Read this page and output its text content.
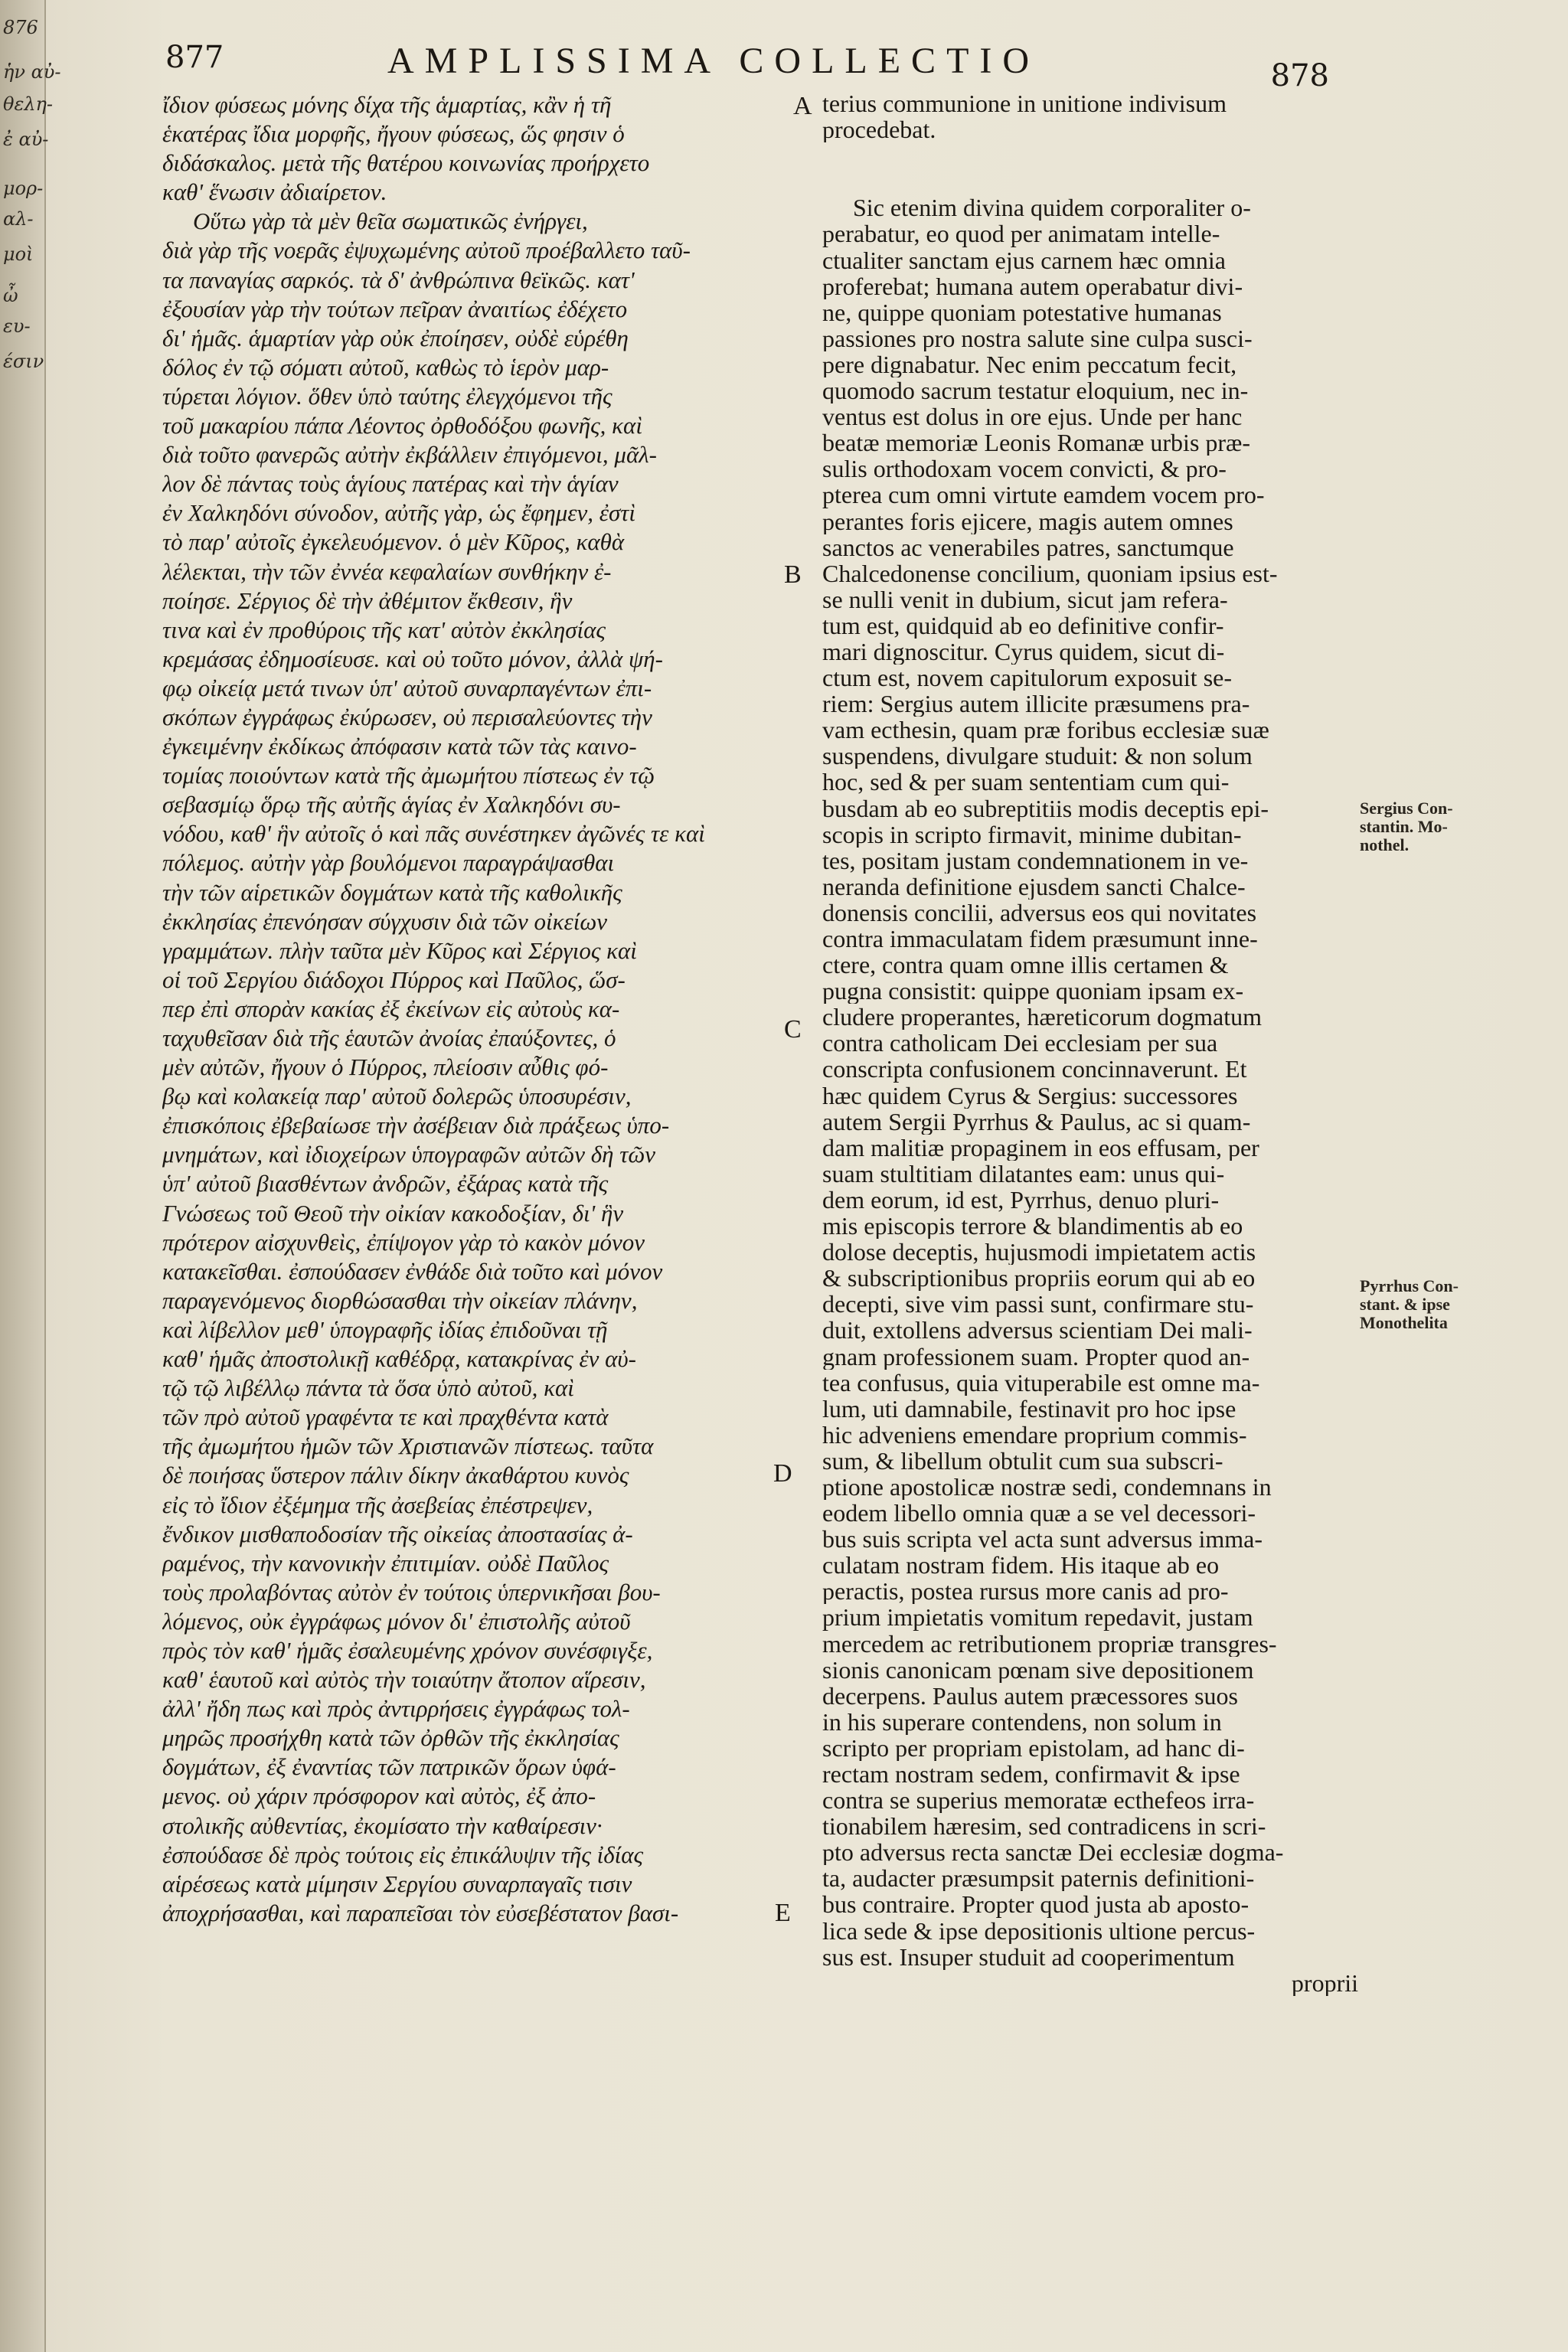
876
ἡν αὐ-
θελη-
ἐ αὐ-
μορ-
αλ-
μοὶ
ὦ
ευ-
έσιν
877	AMPLISSIMA COLLECTIO	878
ἴδιον φύσεως μόνης δίχα τῆς ἁμαρτίας, κἂν ἡ τῆ
ἑκατέρας ἴδια μορφῆς, ἤγουν φύσεως, ὥς φησιν ὁ
διδάσκαλος. μετὰ τῆς θατέρου κοινωνίας προήρχετο
καθ' ἕνωσιν ἀδιαίρετον.
Οὕτω γὰρ τὰ μὲν θεῖα σωματικῶς ἐνήργει,
διὰ γὰρ τῆς νοερᾶς ἐψυχωμένης αὐτοῦ προέβαλλετο ταῦ-
τα παναγίας σαρκός. τὰ δ' ἀνθρώπινα θεϊκῶς. κατ'
ἐξουσίαν γὰρ τὴν τούτων πεῖραν ἀναιτίως ἐδέχετο
δι' ἡμᾶς. ἁμαρτίαν γὰρ οὐκ ἐποίησεν, οὐδὲ εὑρέθη
δόλος ἐν τῷ σόματι αὐτοῦ, καθὼς τὸ ἱερὸν μαρ-
τύρεται λόγιον. ὅθεν ὑπὸ ταύτης ἐλεγχόμενοι τῆς
τοῦ μακαρίου πάπα Λέοντος ὀρθοδόξου φωνῆς, καὶ
διὰ τοῦτο φανερῶς αὐτὴν ἐκβάλλειν ἐπιγόμενοι, μᾶλ-
λον δὲ πάντας τοὺς ἁγίους πατέρας καὶ τὴν ἁγίαν
ἐν Χαλκηδόνι σύνοδον, αὐτῆς γὰρ, ὡς ἔφημεν, ἐστὶ
τὸ παρ' αὐτοῖς ἐγκελευόμενον. ὁ μὲν Κῦρος, καθὰ
λέλεκται, τὴν τῶν ἐννέα κεφαλαίων συνθήκην ἐ-
ποίησε. Σέργιος δὲ τὴν ἀθέμιτον ἔκθεσιν, ἣν
τινα καὶ ἐν προθύροις τῆς κατ' αὐτὸν ἐκκλησίας
κρεμάσας ἐδημοσίευσε. καὶ οὐ τοῦτο μόνον, ἀλλὰ ψή-
φῳ οἰκείᾳ μετά τινων ὑπ' αὐτοῦ συναρπαγέντων ἐπι-
σκόπων ἐγγράφως ἐκύρωσεν, οὐ περισαλεύοντες τὴν
ἐγκειμένην ἐκδίκως ἀπόφασιν κατὰ τῶν τὰς καινο-
τομίας ποιούντων κατὰ τῆς ἀμωμήτου πίστεως ἐν τῷ
σεβασμίῳ ὅρῳ τῆς αὐτῆς ἁγίας ἐν Χαλκηδόνι συ-
νόδου, καθ' ἣν αὐτοῖς ὁ καὶ πᾶς συνέστηκεν ἀγῶνές τε καὶ
πόλεμος. αὐτὴν γὰρ βουλόμενοι παραγράψασθαι
τὴν τῶν αἱρετικῶν δογμάτων κατὰ τῆς καθολικῆς
ἐκκλησίας ἐπενόησαν σύγχυσιν διὰ τῶν οἰκείων
γραμμάτων. πλὴν ταῦτα μὲν Κῦρος καὶ Σέργιος καὶ
οἱ τοῦ Σεργίου διάδοχοι Πύρρος καὶ Παῦλος, ὥσ-
περ ἐπὶ σπορὰν κακίας ἐξ ἐκείνων εἰς αὐτοὺς κα-
ταχυθεῖσαν διὰ τῆς ἑαυτῶν ἀνοίας ἐπαύξοντες, ὁ
μὲν αὐτῶν, ἤγουν ὁ Πύρρος, πλείοσιν αὖθις φό-
βῳ καὶ κολακείᾳ παρ' αὐτοῦ δολερῶς ὑποσυρέσιν,
ἐπισκόποις ἐβεβαίωσε τὴν ἀσέβειαν διὰ πράξεως ὑπο-
μνημάτων, καὶ ἰδιοχείρων ὑπογραφῶν αὐτῶν δὴ τῶν
ὑπ' αὐτοῦ βιασθέντων ἀνδρῶν, ἐξάρας κατὰ τῆς
Γνώσεως τοῦ Θεοῦ τὴν οἰκίαν κακοδοξίαν, δι' ἣν
πρότερον αἰσχυνθεὶς, ἐπίψογον γὰρ τὸ κακὸν μόνον
κατακεῖσθαι. ἐσπούδασεν ἐνθάδε διὰ τοῦτο καὶ μόνον
παραγενόμενος διορθώσασθαι τὴν οἰκείαν πλάνην,
καὶ λίβελλον μεθ' ὑπογραφῆς ἰδίας ἐπιδοῦναι τῇ
καθ' ἡμᾶς ἀποστολικῇ καθέδρᾳ, κατακρίνας ἐν αὐ-
τῷ τῷ λιβέλλῳ πάντα τὰ ὅσα ὑπὸ αὐτοῦ, καὶ
τῶν πρὸ αὐτοῦ γραφέντα τε καὶ πραχθέντα κατὰ
τῆς ἀμωμήτου ἡμῶν τῶν Χριστιανῶν πίστεως. ταῦτα
δὲ ποιήσας ὕστερον πάλιν δίκην ἀκαθάρτου κυνὸς
εἰς τὸ ἴδιον ἐξέμημα τῆς ἀσεβείας ἐπέστρεψεν,
ἔνδικον μισθαποδοσίαν τῆς οἰκείας ἀποστασίας ἀ-
ραμένος, τὴν κανονικὴν ἐπιτιμίαν. οὐδὲ Παῦλος
τοὺς προλαβόντας αὐτὸν ἐν τούτοις ὑπερνικῆσαι βου-
λόμενος, οὐκ ἐγγράφως μόνον δι' ἐπιστολῆς αὐτοῦ
πρὸς τὸν καθ' ἡμᾶς ἐσαλευμένης χρόνον συνέσφιγξε,
καθ' ἑαυτοῦ καὶ αὐτὸς τὴν τοιαύτην ἄτοπον αἵρεσιν,
ἀλλ' ἤδη πως καὶ πρὸς ἀντιρρήσεις ἐγγράφως τολ-
μηρῶς προσήχθη κατὰ τῶν ὀρθῶν τῆς ἐκκλησίας
δογμάτων, ἐξ ἐναντίας τῶν πατρικῶν ὅρων ὑφά-
μενος. οὐ χάριν πρόσφορον καὶ αὐτὸς, ἐξ ἀπο-
στολικῆς αὐθεντίας, ἐκομίσατο τὴν καθαίρεσιν·
ἐσπούδασε δὲ πρὸς τούτοις εἰς ἐπικάλυψιν τῆς ἰδίας
αἱρέσεως κατὰ μίμησιν Σεργίου συναρπαγαῖς τισιν
ἀποχρήσασθαι, καὶ παραπεῖσαι τὸν εὐσεβέστατον βασι-
terius communione in unitione indivisum
procedebat.
Sic etenim divina quidem corporaliter o-
perabatur, eo quod per animatam intelle-
ctualiter sanctam ejus carnem hæc omnia
proferebat; humana autem operabatur divi-
ne, quippe quoniam potestative humanas
passiones pro nostra salute sine culpa susci-
pere dignabatur. Nec enim peccatum fecit,
quomodo sacrum testatur eloquium, nec in-
ventus est dolus in ore ejus. Unde per hanc
beatæ memoriæ Leonis Romanæ urbis præ-
sulis orthodoxam vocem convicti, & pro-
pterea cum omni virtute eamdem vocem pro-
perantes foris ejicere, magis autem omnes
sanctos ac venerabiles patres, sanctumque
Chalcedonense concilium, quoniam ipsius est-
se nulli venit in dubium, sicut jam referа-
tum est, quidquid ab eo definitive confir-
mari dignoscitur. Cyrus quidem, sicut di-
ctum est, novem capitulorum exposuit se-
riem: Sergius autem illicite præsumens pra-
vam ecthesin, quam præ foribus ecclesiæ suæ
suspendens, divulgare studuit: & non solum
hoc, sed & per suam sententiam cum qui-
busdam ab eo subreptitiis modis deceptis epi-
scopis in scripto firmavit, minime dubitan-
tes, positam justam condemnationem in ve-
neranda definitione ejusdem sancti Chalce-
donensis concilii, adversus eos qui novitates
contra immaculatam fidem præsumunt inne-
ctere, contra quam omne illis certamen &
pugna consistit: quippe quoniam ipsam ex-
cludere properantes, hæreticorum dogmatum
contra catholicam Dei ecclesiam per sua
conscripta confusionem concinnaverunt. Et
hæc quidem Cyrus & Sergius: successores
autem Sergii Pyrrhus & Paulus, ac si quam-
dam malitiæ propaginem in eos effusam, per
suam stultitiam dilatantes eam: unus qui-
dem eorum, id est, Pyrrhus, denuo pluri-
mis episcopis terrore & blandimentis ab eo
dolose deceptis, hujusmodi impietatem actis
& subscriptionibus propriis eorum qui ab eo
decepti, sive vim passi sunt, confirmare stu-
duit, extollens adversus scientiam Dei mali-
gnam professionem suam. Propter quod an-
tea confusus, quia vituperabile est omne ma-
lum, uti damnabile, festinavit pro hoc ipse
hic adveniens emendare proprium commis-
sum, & libellum obtulit cum sua subscri-
ptione apostolicæ nostræ sedi, condemnans in
eodem libello omnia quæ a se vel decessori-
bus suis scripta vel acta sunt adversus imma-
culatam nostram fidem. His itaque ab eo
peractis, postea rursus more canis ad pro-
prium impietatis vomitum repedavit, justam
mercedem ac retributionem propriæ transgres-
sionis canonicam pœnam sive depositionem
decerpens. Paulus autem præcessores suos
in his superare contendens, non solum in
scripto per propriam epistolam, ad hanc di-
rectam nostram sedem, confirmavit & ipse
contra se superius memoratæ ecthefeos irra-
tionabilem hæresim, sed contradicens in scri-
pto adversus recta sanctæ Dei ecclesiæ dogma-
ta, audacter præsumpsit paternis definitioni-
bus contraire. Propter quod justa ab aposto-
lica sede & ipse depositionis ultione percus-
sus est. Insuper studuit ad cooperimentum
proprii
A
B
C
D
E
Sergius Con-
stantin. Mo-
nothel.
Pyrrhus Con-
stant. & ipse
Monothelita
